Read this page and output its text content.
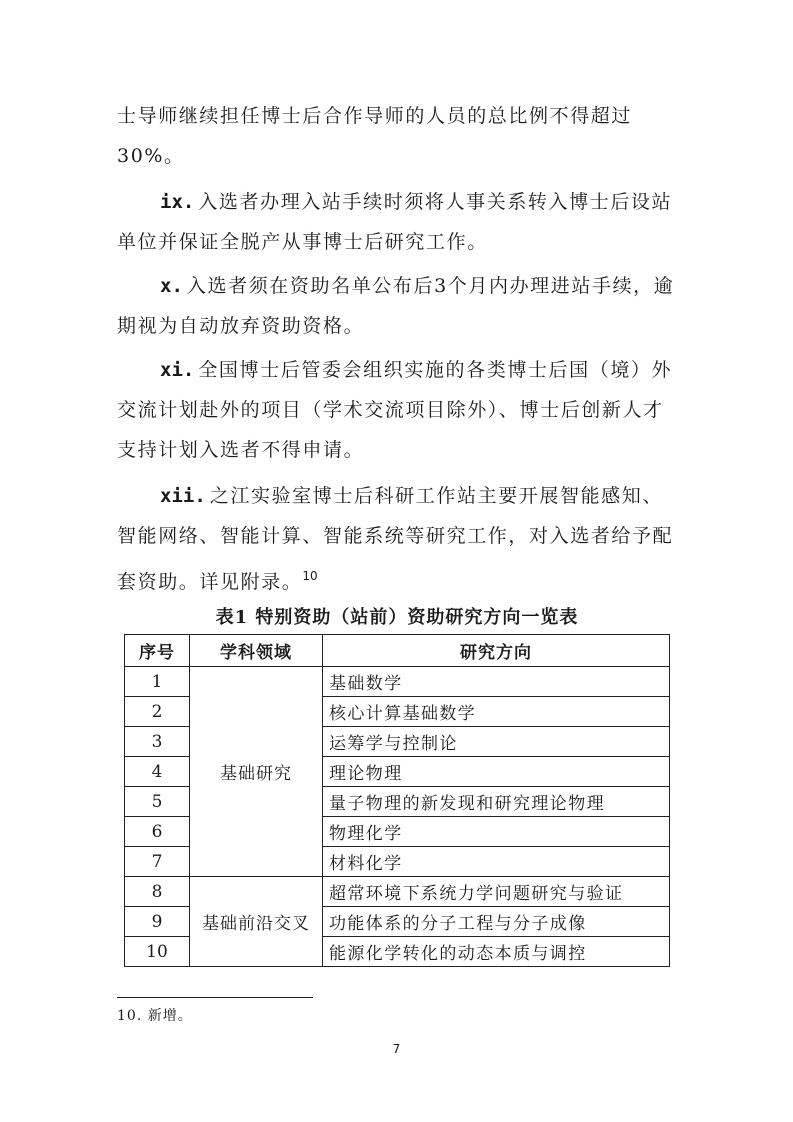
士导师继续担任博士后合作导师的人员的总比例不得超过30%。
ix. 入选者办理入站手续时须将人事关系转入博士后设站单位并保证全脱产从事博士后研究工作。
x. 入选者须在资助名单公布后3个月内办理进站手续，逾期视为自动放弃资助资格。
xi. 全国博士后管委会组织实施的各类博士后国（境）外交流计划赴外的项目（学术交流项目除外）、博士后创新人才支持计划入选者不得申请。
xii. 之江实验室博士后科研工作站主要开展智能感知、智能网络、智能计算、智能系统等研究工作，对入选者给予配套资助。详见附录。$^{10}$
表1 特别资助（站前）资助研究方向一览表
序号	学科领域	研究方向
1	基础研究	基础数学
2		核心计算基础数学
3		运筹学与控制论
4		理论物理
5		量子物理的新发现和研究理论物理
6		物理化学
7		材料化学
8	基础前沿交叉	超常环境下系统力学问题研究与验证
9		功能体系的分子工程与分子成像
10		能源化学转化的动态本质与调控
10. 新增。
7
